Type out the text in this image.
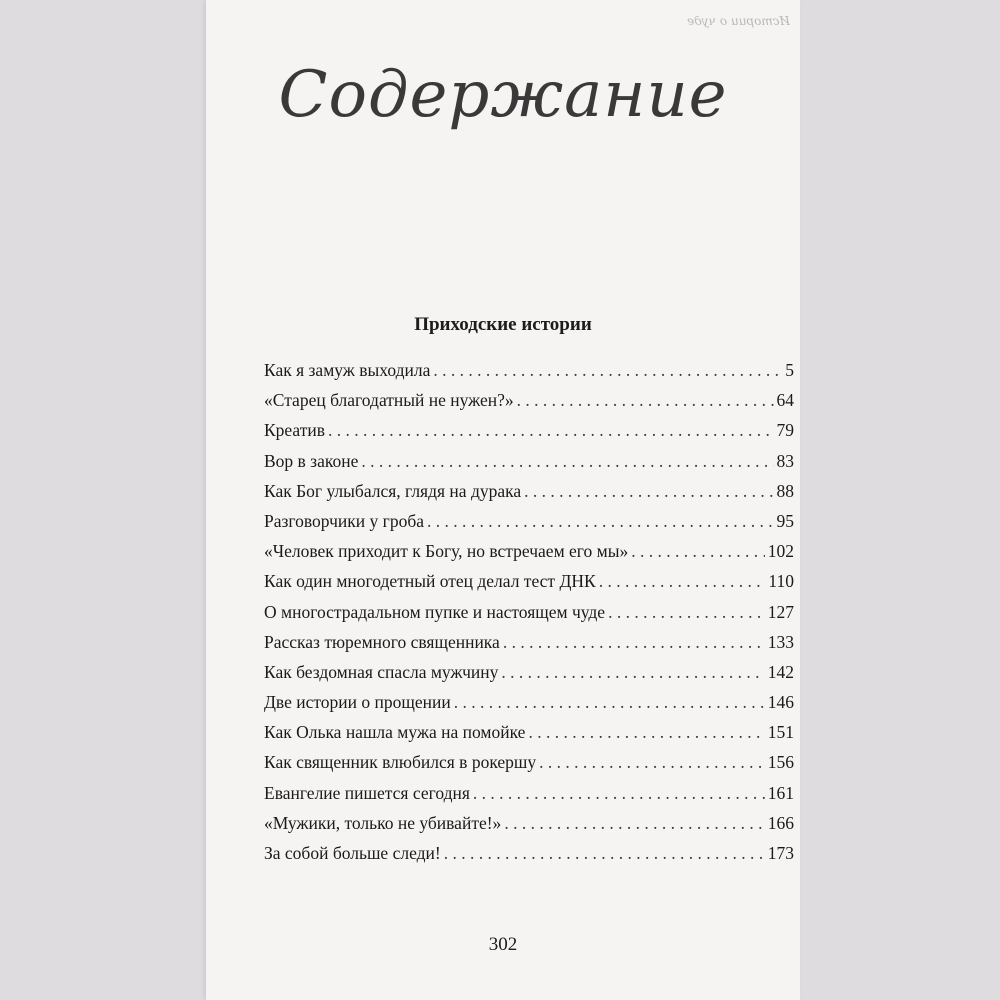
Истории о чуде
Содержание
Приходские истории
Как я замуж выходила . . .	5
«Старец благодатный не нужен?» . . .	64
Креатив . . .	79
Вор в законе . . .	83
Как Бог улыбался, глядя на дурака . . .	88
Разговорчики у гроба . . .	95
«Человек приходит к Богу, но встречаем его мы» . . .	102
Как один многодетный отец делал тест ДНК . . .	110
О многострадальном пупке и настоящем чуде . . .	127
Рассказ тюремного священника . . .	133
Как бездомная спасла мужчину . . .	142
Две истории о прощении . . .	146
Как Олька нашла мужа на помойке . . .	151
Как священник влюбился в рокершу . . .	156
Евангелие пишется сегодня . . .	161
«Мужики, только не убивайте!» . . .	166
За собой больше следи! . . .	173
302
